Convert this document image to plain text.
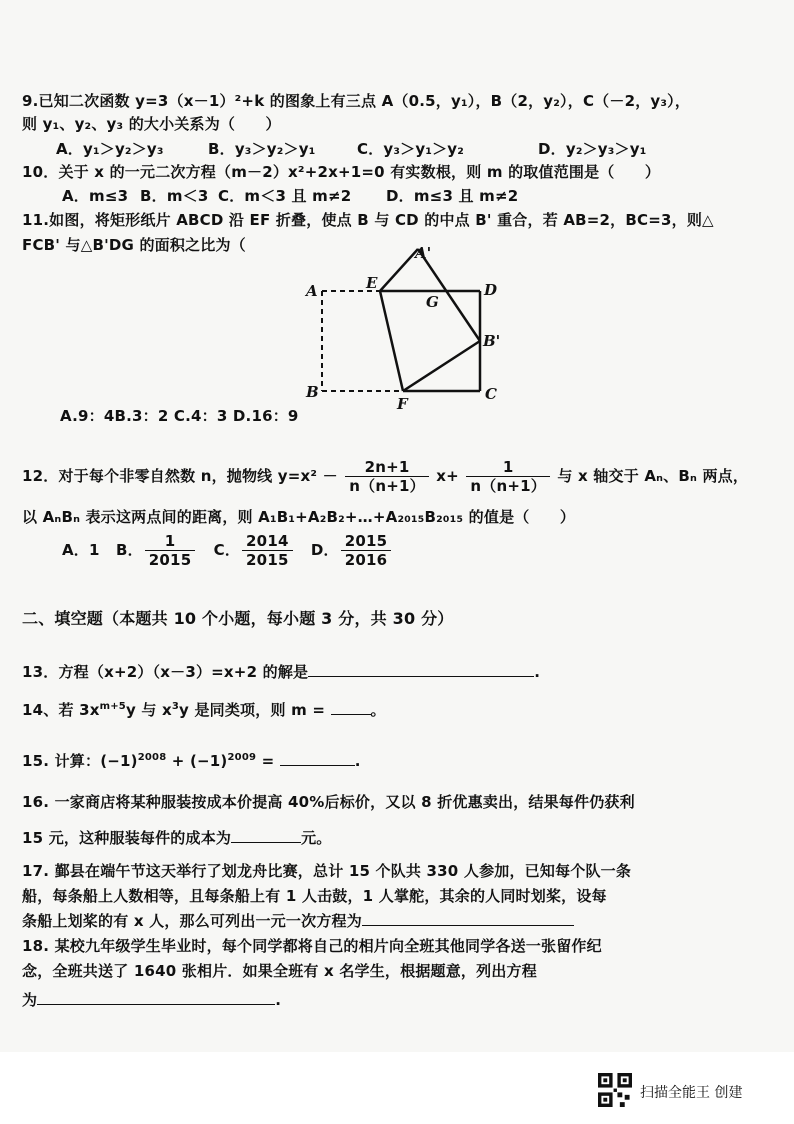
9.已知二次函数 y=3（x－1）²+k 的图象上有三点 A（0.5，y₁），B（2，y₂），C（－2，y₃），
则 y₁、y₂、y₃ 的大小关系为（　　）
A．y₁＞y₂＞y₃	B．y₃＞y₂＞y₁	C．y₃＞y₁＞y₂	D．y₂＞y₃＞y₁
10．关于 x 的一元二次方程（m－2）x²+2x+1=0 有实数根，则 m 的取值范围是（　　）
A．m≤3 B．m＜3 C．m＜3 且 m≠2 D．m≤3 且 m≠2
11.如图，将矩形纸片 ABCD 沿 EF 折叠，使点 B 与 CD 的中点 B' 重合，若 AB=2，BC=3，则△
FCB' 与△B'DG 的面积之比为（	A'
E	D
A
G
B'
B
F
C
A.9：4B.3：2 C.4：3 D.16：9
12．对于每个非零自然数 n，抛物线 $y=x^2 - \frac{2n+1}{n(n+1)} x+ \frac{1}{n(n+1)}$ 与 x 轴交于 Aₙ、Bₙ 两点，
以 AₙBₙ 表示这两点间的距离，则 A₁B₁+A₂B₂+…+A₂₀₁₅B₂₀₁₅ 的值是（　　）
A．1 B． $\frac{1}{2015}$ C． $\frac{2014}{2015}$ D． $\frac{2015}{2016}$
二、填空题（本题共 10 个小题，每小题 3 分，共 30 分）
13．方程（x+2）（x－3）=x+2 的解是	.
14、若 $3x^{m+5}y$ 与 $x^3y$ 是同类项，则 m =	。
15. 计算：$(-1)^{2008} + (-1)^{2009}$ =	.
16. 一家商店将某种服装按成本价提高 40%后标价，又以 8 折优惠卖出，结果每件仍获利
15 元，这种服装每件的成本为	元。
17. 鄞县在端午节这天举行了划龙舟比赛，总计 15 个队共 330 人参加，已知每个队一条
船，每条船上人数相等，且每条船上有 1 人击鼓，1 人掌舵，其余的人同时划桨，设每
条船上划桨的有 x 人，那么可列出一元一次方程为
18. 某校九年级学生毕业时，每个同学都将自己的相片向全班其他同学各送一张留作纪
念，全班共送了 1640 张相片．如果全班有 x 名学生，根据题意，列出方程
为	.
扫描全能王 创建
